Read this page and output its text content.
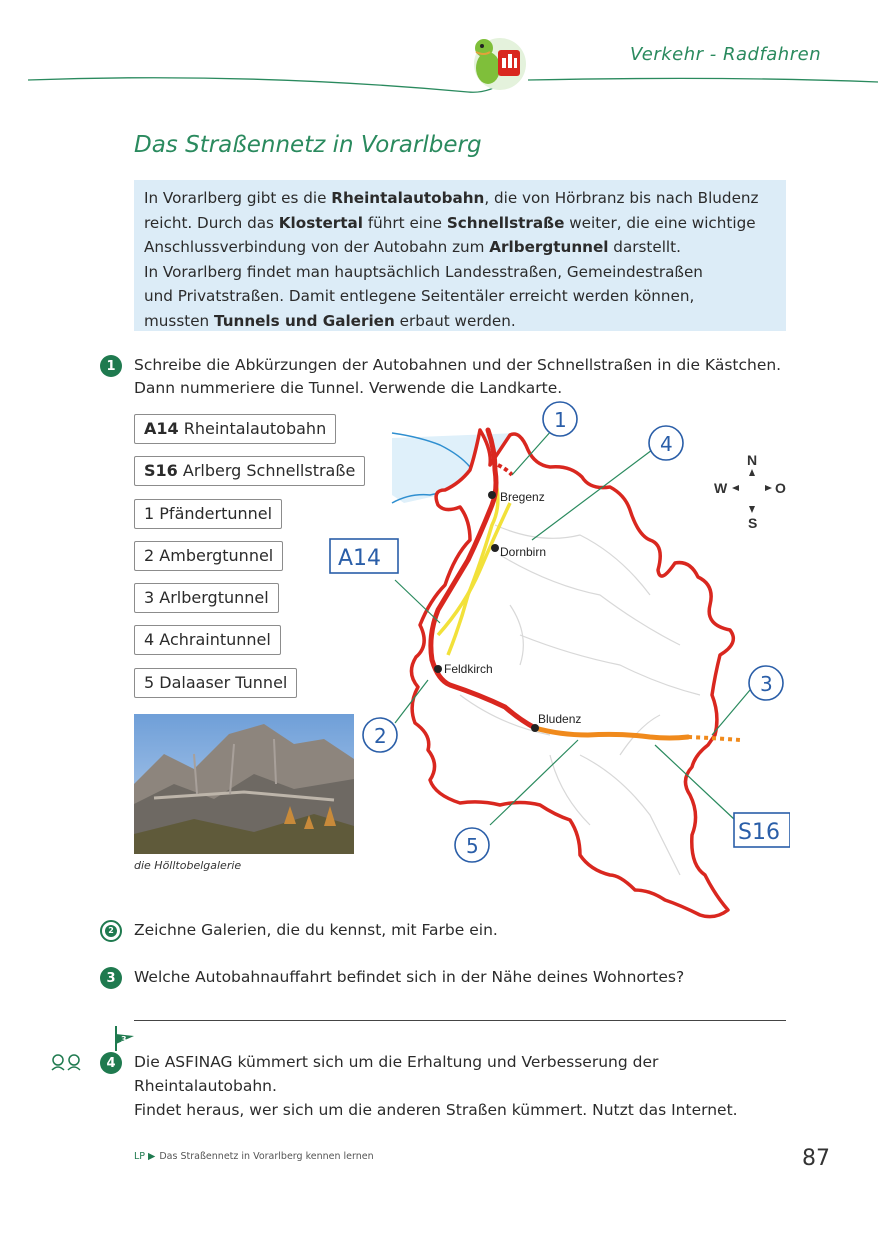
Verkehr - Radfahren
Das Straßennetz in Vorarlberg

In Vorarlberg gibt es die Rheintalautobahn, die von Hörbranz bis nach Bludenz

reicht. Durch das Klostertal führt eine Schnellstraße weiter, die eine wichtige

Anschlussverbindung von der Autobahn zum Arlbergtunnel darstellt.

In Vorarlberg findet man hauptsächlich Landesstraßen, Gemeindestraßen

und Privatstraßen. Damit entlegene Seitentäler erreicht werden können,

mussten Tunnels und Galerien erbaut werden.

1	Schreibe die Abkürzungen der Autobahnen und der Schnellstraßen in die Kästchen.
Dann nummeriere die Tunnel. Verwende die Landkarte.
A14 Rheintalautobahn
S16 Arlberg Schnellstraße
1 Pfändertunnel
2 Ambergtunnel
3 Arlbergtunnel
4 Achraintunnel
5 Dalaaser Tunnel
die Hölltobelgalerie
Bregenz
Dornbirn
Feldkirch
Bludenz
N
S
W	O
1
4
2
3
5
A14
S16
2 Zeichne Galerien, die du kennst, mit Farbe ein.
3	Welche Autobahnauffahrt befindet sich in der Nähe deines Wohnortes?
3
4	Die ASFINAG kümmert sich um die Erhaltung und Verbesserung der
Rheintalautobahn.
Findet heraus, wer sich um die anderen Straßen kümmert. Nutzt das Internet.
LP ▶ Das Straßennetz in Vorarlberg kennen lernen	87
